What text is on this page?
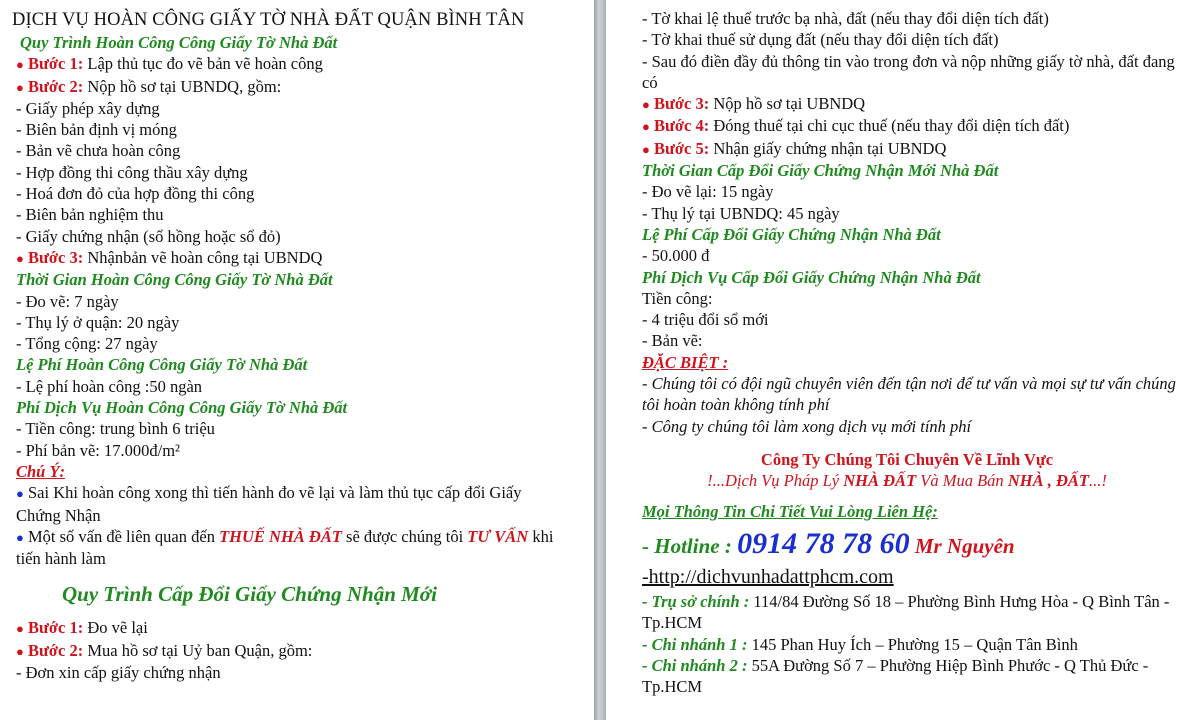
DỊCH VỤ HOÀN CÔNG GIẤY TỜ NHÀ ĐẤT QUẬN BÌNH TÂN
Quy Trình Hoàn Công Công Giấy Tờ Nhà Đất
● Bước 1: Lập thủ tục đo vẽ bản vẽ hoàn công
● Bước 2: Nộp hồ sơ tại UBNDQ, gồm:
- Giấy phép xây dựng
- Biên bản định vị móng
- Bản vẽ chưa hoàn công
- Hợp đồng thi công thầu xây dựng
- Hoá đơn đỏ của hợp đồng thi công
- Biên bản nghiệm thu
- Giấy chứng nhận (sổ hồng hoặc sổ đỏ)
● Bước 3: Nhậnbản vẽ hoàn công tại UBNDQ
Thời Gian Hoàn Công Công Giấy Tờ Nhà Đất
- Đo vẽ: 7 ngày
- Thụ lý ở quận: 20 ngày
- Tổng cộng: 27 ngày
Lệ Phí Hoàn Công Công Giấy Tờ Nhà Đất
- Lệ phí hoàn công :50 ngàn
Phí Dịch Vụ Hoàn Công Công Giấy Tờ Nhà Đất
- Tiền công: trung bình 6 triệu
- Phí bản vẽ: 17.000đ/m²
Chú Ý:
● Sai Khi hoàn công xong thì tiến hành đo vẽ lại và làm thủ tục cấp đổi Giấy Chứng Nhận
● Một số vấn đề liên quan đến THUẾ NHÀ ĐẤT sẽ được chúng tôi TƯ VẤN khi tiến hành làm
Quy Trình Cấp Đổi Giấy Chứng Nhận Mới
● Bước 1: Đo vẽ lại
● Bước 2: Mua hồ sơ tại Uỷ ban Quận, gồm:
- Đơn xin cấp giấy chứng nhận
- Tờ khai lệ thuế trước bạ nhà, đất (nếu thay đổi diện tích đất)
- Tờ khai thuế sử dụng đất (nếu thay đổi diện tích đất)
- Sau đó điền đầy đủ thông tin vào trong đơn và nộp những giấy tờ nhà, đất đang có
● Bước 3: Nộp hồ sơ tại UBNDQ
● Bước 4: Đóng thuế tại chi cục thuế (nếu thay đổi diện tích đất)
● Bước 5: Nhận giấy chứng nhận tại UBNDQ
Thời Gian Cấp Đổi Giấy Chứng Nhận Mới Nhà Đất
- Đo vẽ lại: 15 ngày
- Thụ lý tại UBNDQ: 45 ngày
Lệ Phí Cấp Đổi Giấy Chứng Nhận Nhà Đất
- 50.000 đ
Phí Dịch Vụ Cấp Đổi Giấy Chứng Nhận Nhà Đất
Tiền công:
- 4 triệu đổi sổ mới
- Bản vẽ:
ĐẶC BIỆT :
- Chúng tôi có đội ngũ chuyên viên đến tận nơi để tư vấn và mọi sự tư vấn chúng tôi hoàn toàn không tính phí
- Công ty chúng tôi làm xong dịch vụ mới tính phí
Công Ty Chúng Tôi Chuyên Về Lĩnh Vực
!...Dịch Vụ Pháp Lý NHÀ ĐẤT Và Mua Bán NHÀ , ĐẤT...!
Mọi Thông Tin Chi Tiết Vui Lòng Liên Hệ:
- Hotline : 0914 78 78 60 Mr Nguyên
-http://dichvunhadattphcm.com
- Trụ sở chính : 114/84 Đường Số 18 – Phường Bình Hưng Hòa - Q Bình Tân - Tp.HCM
- Chi nhánh 1 : 145 Phan Huy Ích – Phường 15 – Quận Tân Bình
- Chi nhánh 2 : 55A Đường Số 7 – Phường Hiệp Bình Phước - Q Thủ Đức - Tp.HCM
